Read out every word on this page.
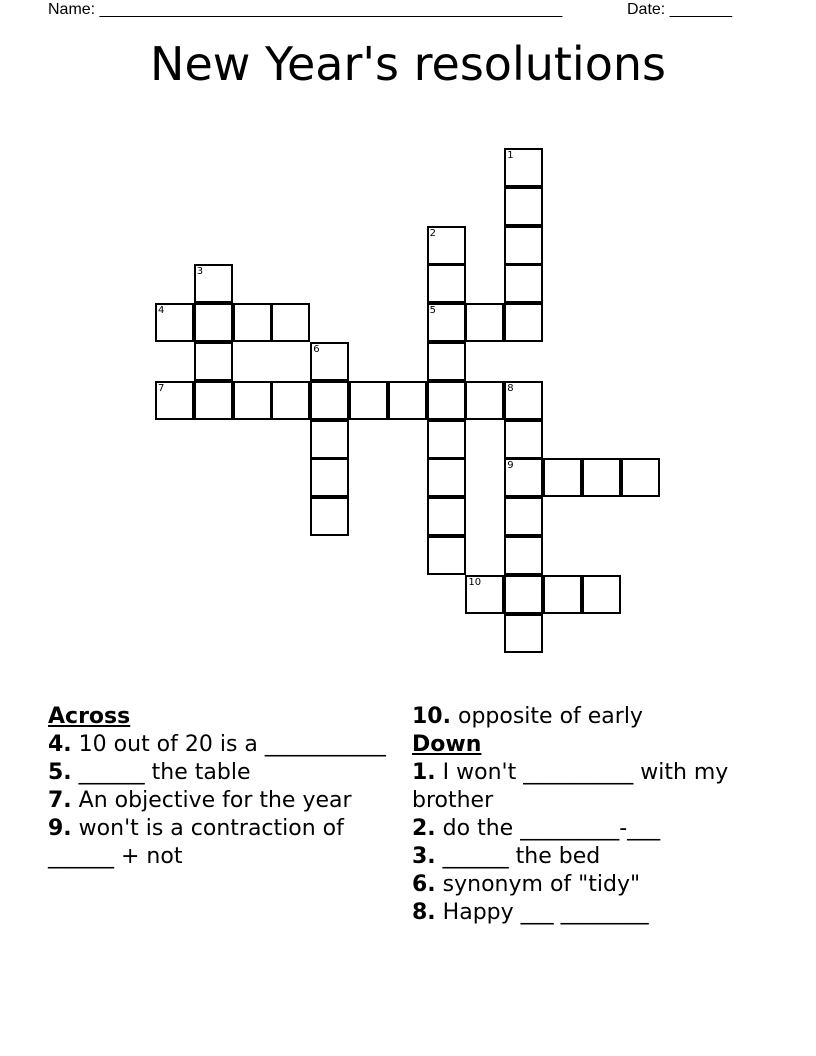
Name: ____________________________________________________	Date: _______
New Year's resolutions
1
2
5
3
4
6
7	8
9
10
Across
4. 10 out of 20 is a ___________
5. ______ the table
7. An objective for the year
9. won't is a contraction of ______ + not
10. opposite of early
Down
1. I won't __________ with my brother
2. do the _________-___
3. ______ the bed
6. synonym of "tidy"
8. Happy ___ ________
